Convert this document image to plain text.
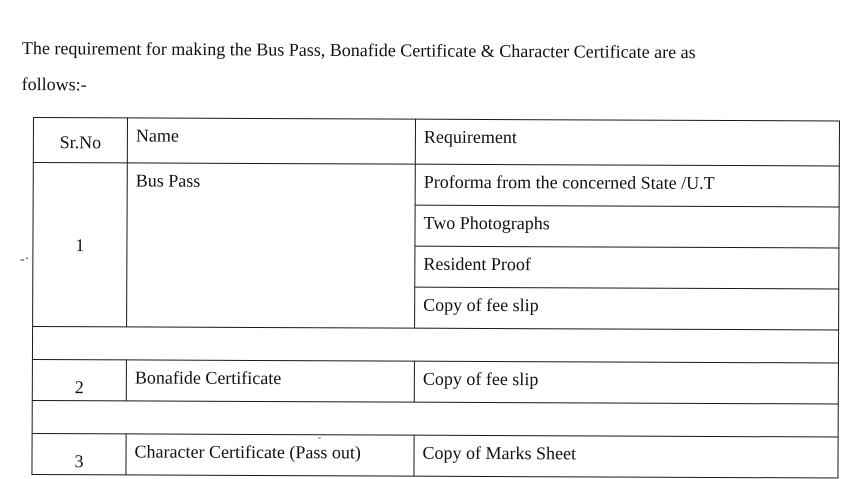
The requirement for making the Bus Pass, Bonafide Certificate & Character Certificate are as
follows:-
-·
Sr.No	Name	Requirement
1	Bus Pass	Proforma from the concerned State /U.T
		Two Photographs
		Resident Proof
		Copy of fee slip

2	Bonafide Certificate	Copy of fee slip

3	Character Certificate (Pass out)	Copy of Marks Sheet
